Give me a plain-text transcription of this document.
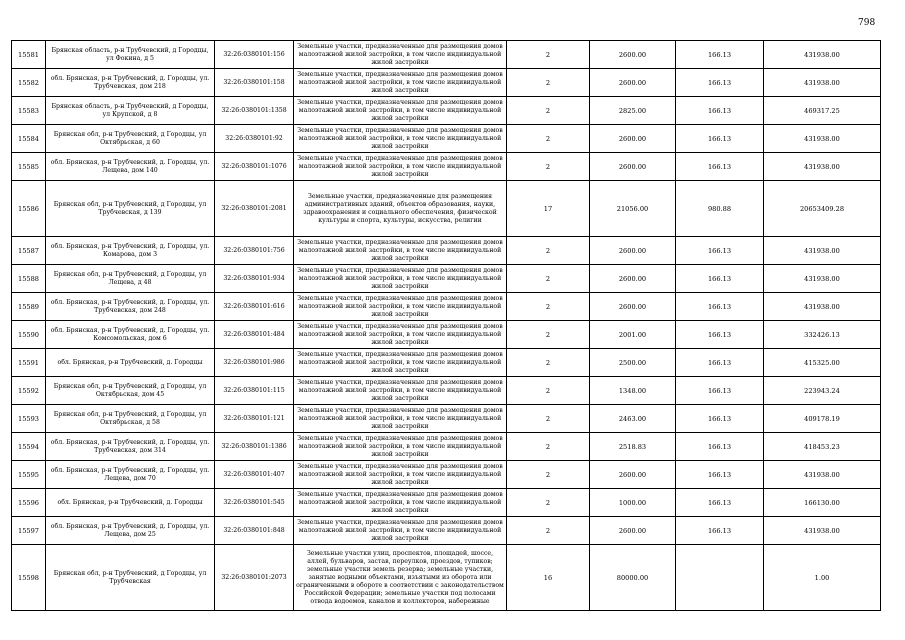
798
15581	Брянская область, р-н Трубчевский, д Городцы, ул Фокина, д 5	32:26:0380101:156	Земельные участки, предназначенные для размещения домов малоэтажной жилой застройки, в том числе индивидуальной жилой застройки	2	2600.00	166.13	431938.00
15582	обл. Брянская, р-н Трубчевский, д. Городцы, ул. Трубчевская, дом 218	32:26:0380101:158	Земельные участки, предназначенные для размещения домов малоэтажной жилой застройки, в том числе индивидуальной жилой застройки	2	2600.00	166.13	431938.00
15583	Брянская область, р-н Трубчевский, д Городцы, ул Крупской, д 8	32:26:0380101:1358	Земельные участки, предназначенные для размещения домов малоэтажной жилой застройки, в том числе индивидуальной жилой застройки	2	2825.00	166.13	469317.25
15584	Брянская обл, р-н Трубчевский, д Городцы, ул Октябрьская, д 60	32:26:0380101:92	Земельные участки, предназначенные для размещения домов малоэтажной жилой застройки, в том числе индивидуальной жилой застройки	2	2600.00	166.13	431938.00
15585	обл. Брянская, р-н Трубчевский, д. Городцы, ул. Лещева, дом 140	32:26:0380101:1076	Земельные участки, предназначенные для размещения домов малоэтажной жилой застройки, в том числе индивидуальной жилой застройки	2	2600.00	166.13	431938.00
15586	Брянская обл, р-н Трубчевский, д Городцы, ул Трубчевская, д 139	32:26:0380101:2081	Земельные участки, предназначенные для размещения административных зданий, объектов образования, науки, здравоохранения и социального обеспечения, физической культуры и спорта, культуры, искусства, религии	17	21056.00	980.88	20653409.28
15587	обл. Брянская, р-н Трубчевский, д. Городцы, ул. Комарова, дом 3	32:26:0380101:756	Земельные участки, предназначенные для размещения домов малоэтажной жилой застройки, в том числе индивидуальной жилой застройки	2	2600.00	166.13	431938.00
15588	Брянская обл, р-н Трубчевский, д Городцы, ул Лещева, д 48	32:26:0380101:934	Земельные участки, предназначенные для размещения домов малоэтажной жилой застройки, в том числе индивидуальной жилой застройки	2	2600.00	166.13	431938.00
15589	обл. Брянская, р-н Трубчевский, д. Городцы, ул. Трубчевская, дом 248	32:26:0380101:616	Земельные участки, предназначенные для размещения домов малоэтажной жилой застройки, в том числе индивидуальной жилой застройки	2	2600.00	166.13	431938.00
15590	обл. Брянская, р-н Трубчевский, д. Городцы, ул. Комсомольская, дом 6	32:26:0380101:484	Земельные участки, предназначенные для размещения домов малоэтажной жилой застройки, в том числе индивидуальной жилой застройки	2	2001.00	166.13	332426.13
15591	обл. Брянская, р-н Трубчевский, д. Городцы	32:26:0380101:986	Земельные участки, предназначенные для размещения домов малоэтажной жилой застройки, в том числе индивидуальной жилой застройки	2	2500.00	166.13	415325.00
15592	Брянская обл, р-н Трубчевский, д Городцы, ул Октябрьская, дом 45	32:26:0380101:115	Земельные участки, предназначенные для размещения домов малоэтажной жилой застройки, в том числе индивидуальной жилой застройки	2	1348.00	166.13	223943.24
15593	Брянская обл, р-н Трубчевский, д Городцы, ул Октябрьская, д 58	32:26:0380101:121	Земельные участки, предназначенные для размещения домов малоэтажной жилой застройки, в том числе индивидуальной жилой застройки	2	2463.00	166.13	409178.19
15594	обл. Брянская, р-н Трубчевский, д. Городцы, ул. Трубчевская, дом 314	32:26:0380101:1386	Земельные участки, предназначенные для размещения домов малоэтажной жилой застройки, в том числе индивидуальной жилой застройки	2	2518.83	166.13	418453.23
15595	обл. Брянская, р-н Трубчевский, д. Городцы, ул. Лещева, дом 70	32:26:0380101:407	Земельные участки, предназначенные для размещения домов малоэтажной жилой застройки, в том числе индивидуальной жилой застройки	2	2600.00	166.13	431938.00
15596	обл. Брянская, р-н Трубчевский, д. Городцы	32:26:0380101:545	Земельные участки, предназначенные для размещения домов малоэтажной жилой застройки, в том числе индивидуальной жилой застройки	2	1000.00	166.13	166130.00
15597	обл. Брянская, р-н Трубчевский, д. Городцы, ул. Лещева, дом 25	32:26:0380101:848	Земельные участки, предназначенные для размещения домов малоэтажной жилой застройки, в том числе индивидуальной жилой застройки	2	2600.00	166.13	431938.00
15598	Брянская обл, р-н Трубчевский, д Городцы, ул Трубчевская	32:26:0380101:2073	Земельные участки улиц, проспектов, площадей, шоссе, аллей, бульваров, застав, переулков, проездов, тупиков; земельные участки земель резерва; земельные участки, занятые водными объектами, изъятыми из оборота или ограниченными в обороте в соответствии с законодательством Российской Федерации; земельные участки под полосами отвода водоемов, каналов и коллекторов, набережные	16	80000.00		1.00
